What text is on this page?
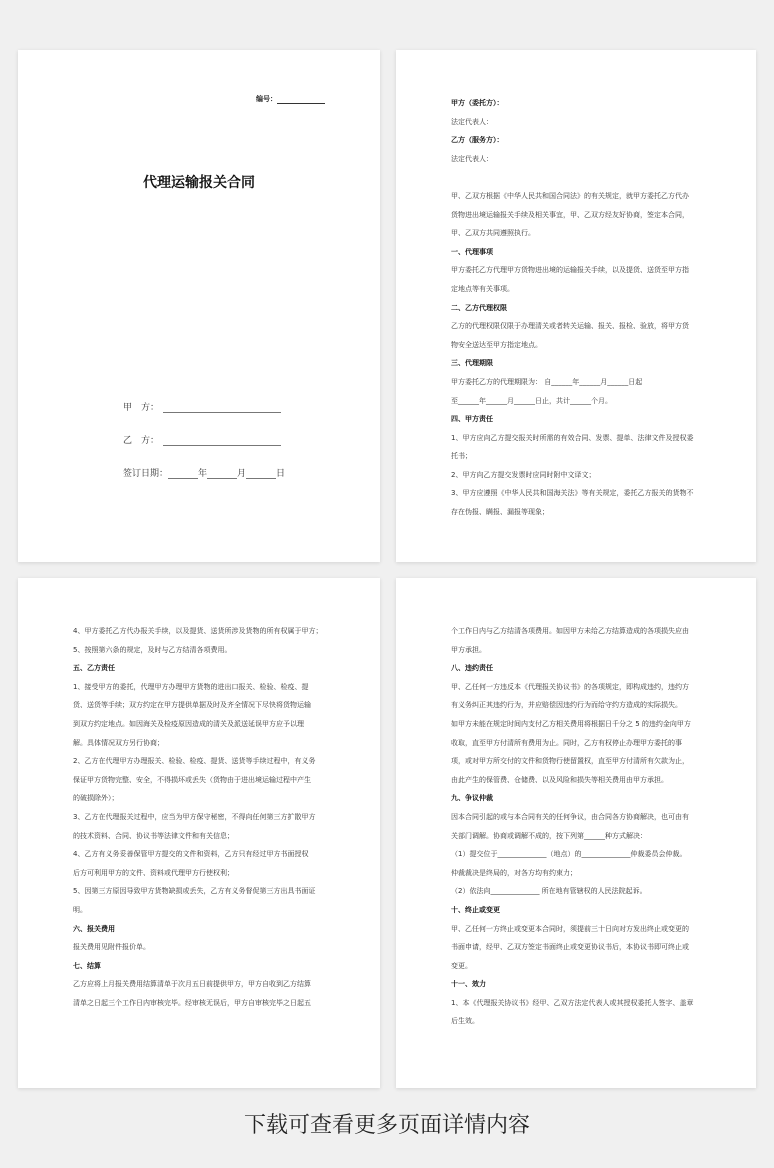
编号：
代理运输报关合同
甲　方：
乙　方：
签订日期：	年	月	日

甲方（委托方）：

法定代表人：

乙方（服务方）：

法定代表人：

甲、乙双方根据《中华人民共和国合同法》的有关规定，就甲方委托乙方代办

货物进出境运输报关手续及相关事宜，甲、乙双方经友好协商，签定本合同，

甲、乙双方共同遵照执行。

一、代理事项

甲方委托乙方代理甲方货物进出境的运输报关手续，以及提货、送货至甲方指

定地点等有关事项。

二、乙方代理权限

乙方的代理权限仅限于办理清关或者转关运输、报关、报检、验放，将甲方货

物安全送达至甲方指定地点。

三、代理期限

甲方委托乙方的代理期限为： 自______年______月______日起

至______年______月______日止，共计______个月。

四、甲方责任

1、甲方应向乙方提交报关时所需的有效合同、发票、提单、法律文件及授权委

托书；

2、甲方向乙方提交发票时应同时附中文译文；

3、甲方应遵照《中华人民共和国海关法》等有关规定，委托乙方报关的货物不

存在伪报、瞒报、漏报等现象；

4、甲方委托乙方代办报关手续，以及提货、送货所涉及货物的所有权属于甲方；

5、按照第六条的规定，及时与乙方结清各项费用。

五、乙方责任

1、接受甲方的委托，代理甲方办理甲方货物的进出口报关、检验、检疫、提

货、送货等手续；双方约定在甲方提供单据及时及齐全情况下尽快将货物运输

到双方约定地点。如因海关及检疫原因造成的清关及派送延误甲方应予以理

解。具体情况双方另行协商；

2、乙方在代理甲方办理报关、检验、检疫、提货、送货等手续过程中，有义务

保证甲方货物完整、安全，不得损坏或丢失（货物由于进出境运输过程中产生

的破损除外）；

3、乙方在代理报关过程中，应当为甲方保守秘密，不得向任何第三方扩散甲方

的技术资料、合同、协议书等法律文件和有关信息；

4、乙方有义务妥善保管甲方提交的文件和资料，乙方只有经过甲方书面授权

后方可利用甲方的文件、资料或代理甲方行使权利；

5、因第三方原因导致甲方货物缺损或丢失，乙方有义务督促第三方出具书面证

明。

六、报关费用

报关费用见附件报价单。

七、结算

乙方应将上月报关费用结算清单于次月五日前提供甲方，甲方自收到乙方结算

清单之日起三个工作日内审核完毕。经审核无误后，甲方自审核完毕之日起五

个工作日内与乙方结清各项费用。如因甲方未给乙方结算造成的各项损失应由

甲方承担。

八、违约责任

甲、乙任何一方违反本《代理报关协议书》的各项规定，即构成违约，违约方

有义务纠正其违约行为，并应赔偿因违约行为而给守约方造成的实际损失。

如甲方未能在规定时间内支付乙方相关费用将根据日千分之 5 的违约金向甲方

收取，直至甲方付清所有费用为止。同时，乙方有权停止办理甲方委托的事

项，或对甲方所交付的文件和货物行使留置权，直至甲方付清所有欠款为止，

由此产生的保管费、仓储费、以及风险和损失等相关费用由甲方承担。

九、争议仲裁

因本合同引起的或与本合同有关的任何争议，由合同各方协商解决，也可由有

关部门调解。协商或调解不成的，按下列第______种方式解决：

（1）提交位于______________（地点）的______________仲裁委员会仲裁。

仲裁裁决是终局的，对各方均有约束力；

（2）依法向______________ 所在地有管辖权的人民法院起诉。

十、终止或变更

甲、乙任何一方终止或变更本合同时，须提前三十日向对方发出终止或变更的

书面申请，经甲、乙双方签定书面终止或变更协议书后，本协议书即可终止或

变更。

十一、效力

1、本《代理报关协议书》经甲、乙双方法定代表人或其授权委托人签字、盖章

后生效。

下载可查看更多页面详情内容
